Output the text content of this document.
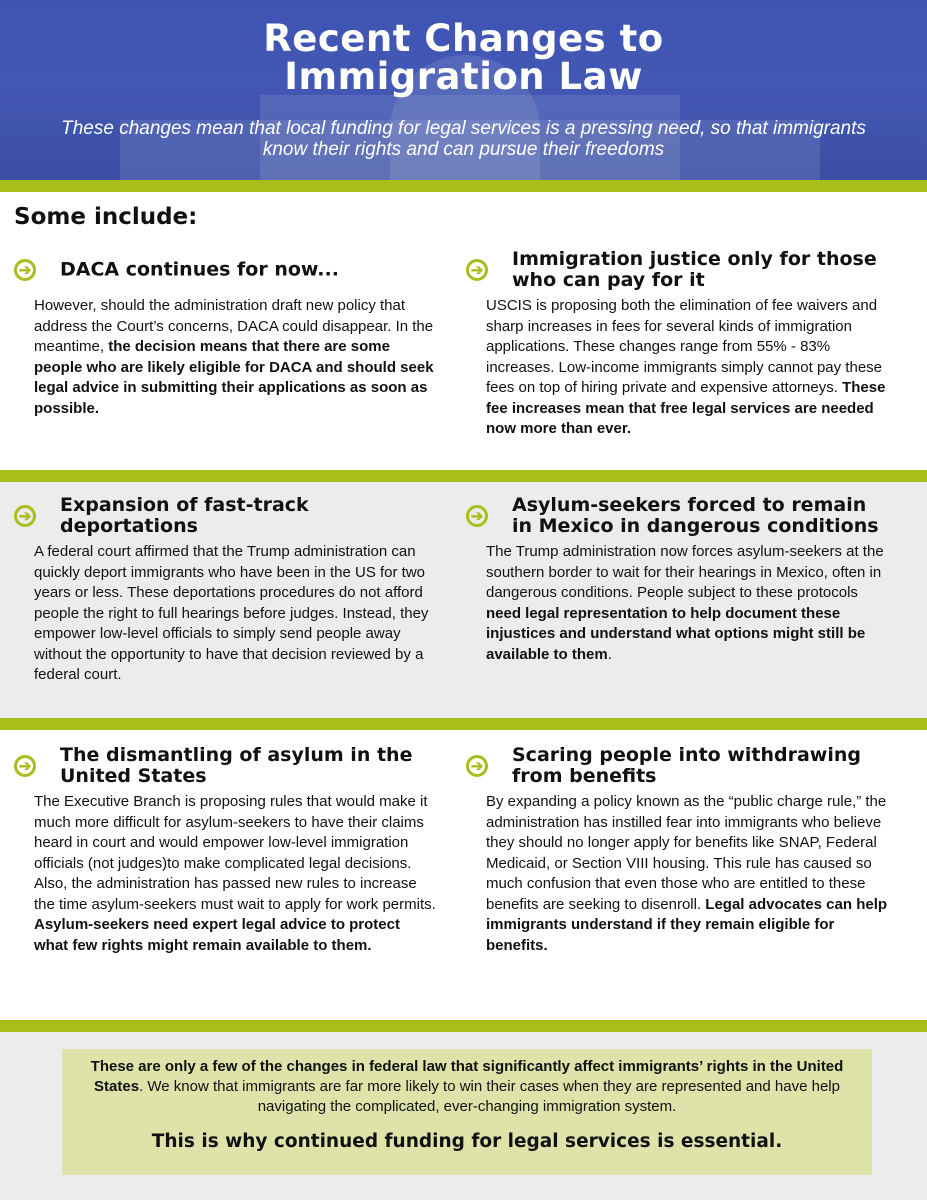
Recent Changes to
Immigration Law
These changes mean that local funding for legal services is a pressing need, so that immigrants know their rights and can pursue their freedoms
Some include:
➔ DACA continues for now...
However, should the administration draft new policy that address the Court’s concerns, DACA could disappear. In the meantime, the decision means that there are some people who are likely eligible for DACA and should seek legal advice in submitting their applications as soon as possible.
➔
Immigration justice only for those who can pay for it
USCIS is proposing both the elimination of fee waivers and sharp increases in fees for several kinds of immigration applications. These changes range from 55% - 83% increases. Low-income immigrants simply cannot pay these fees on top of hiring private and expensive attorneys. These fee increases mean that free legal services are needed now more than ever.
➔
Expansion of fast-track deportations
A federal court affirmed that the Trump administration can quickly deport immigrants who have been in the US for two years or less. These deportations procedures do not afford people the right to full hearings before judges. Instead, they empower low-level officials to simply send people away without the opportunity to have that decision reviewed by a federal court.
➔
Asylum-seekers forced to remain in Mexico in dangerous conditions
The Trump administration now forces asylum-seekers at the southern border to wait for their hearings in Mexico, often in dangerous conditions. People subject to these protocols need legal representation to help document these injustices and understand what options might still be available to them.
➔
The dismantling of asylum in the United States
The Executive Branch is proposing rules that would make it much more difficult for asylum-seekers to have their claims heard in court and would empower low-level immigration officials (not judges)to make complicated legal decisions. Also, the administration has passed new rules to increase the time asylum-seekers must wait to apply for work permits. Asylum-seekers need expert legal advice to protect what few rights might remain available to them.
➔
Scaring people into withdrawing from benefits
By expanding a policy known as the “public charge rule,” the administration has instilled fear into immigrants who believe they should no longer apply for benefits like SNAP, Federal Medicaid, or Section VIII housing. This rule has caused so much confusion that even those who are entitled to these benefits are seeking to disenroll. Legal advocates can help immigrants understand if they remain eligible for benefits.
These are only a few of the changes in federal law that significantly affect immigrants’ rights in the United States. We know that immigrants are far more likely to win their cases when they are represented and have help navigating the complicated, ever-changing immigration system.
This is why continued funding for legal services is essential.
